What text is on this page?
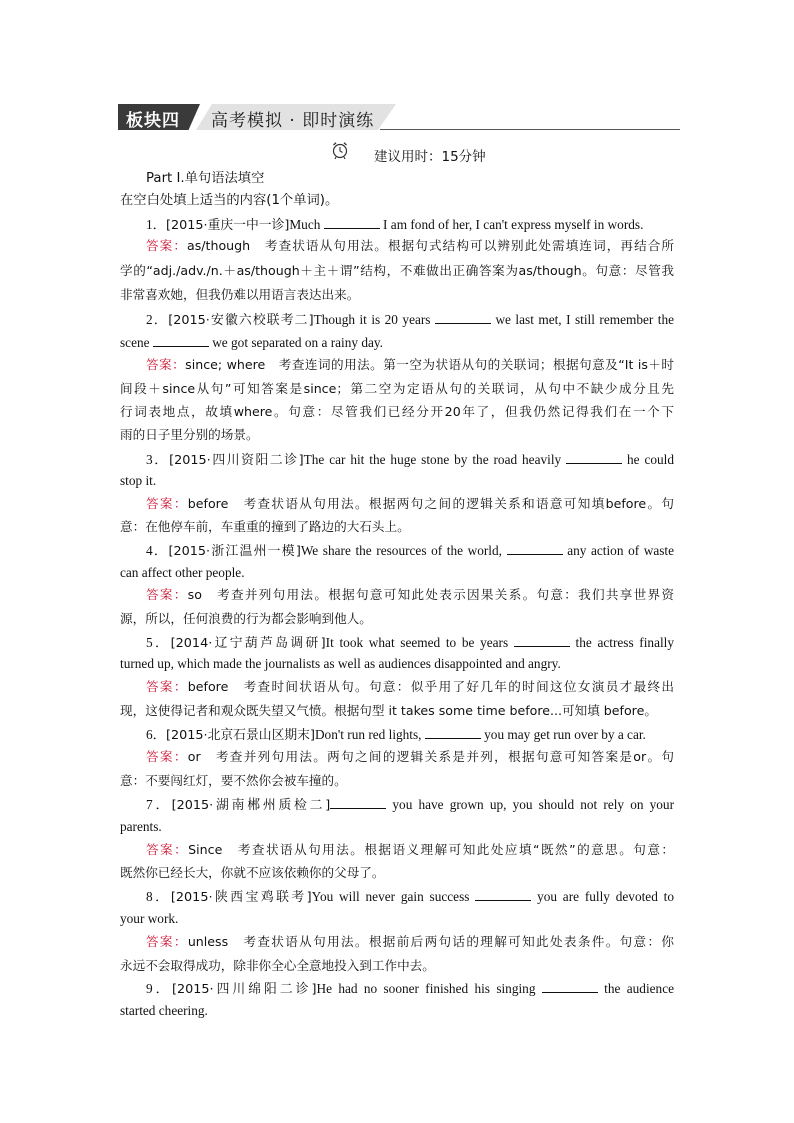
板块四 高考模拟 · 即时演练
建议用时：15分钟
Part Ⅰ.单句语法填空
在空白处填上适当的内容(1个单词)。
1．[2015·重庆一中一诊]Much	I am fond of her, I can't express myself in words.
答案：as/though　 考查状语从句用法。根据句式结构可以辨别此处需填连词，再结合所
学的“adj./adv./n.＋as/though＋主＋谓”结构，不难做出正确答案为as/though。句意：尽管我
非常喜欢她，但我仍难以用语言表达出来。
2．[2015·安徽六校联考二]Though it is 20 years	we last met, I still remember the
scene	we got separated on a rainy day.
答案：since; where　 考查连词的用法。第一空为状语从句的关联词；根据句意及“It is＋时
间段＋since从句”可知答案是since；第二空为定语从句的关联词，从句中不缺少成分且先
行词表地点，故填where。句意：尽管我们已经分开20年了，但我仍然记得我们在一个下
雨的日子里分别的场景。
3．[2015·四川资阳二诊]The car hit the huge stone by the road heavily	he could
stop it.
答案：before　 考查状语从句用法。根据两句之间的逻辑关系和语意可知填before。句
意：在他停车前，车重重的撞到了路边的大石头上。
4．[2015·浙江温州一模]We share the resources of the world,	any action of waste
can affect other people.
答案：so　 考查并列句用法。根据句意可知此处表示因果关系。句意：我们共享世界资
源，所以，任何浪费的行为都会影响到他人。
5．[2014·辽宁葫芦岛调研]It took what seemed to be years	the actress finally
turned up, which made the journalists as well as audiences disappointed and angry.
答案：before　 考查时间状语从句。句意：似乎用了好几年的时间这位女演员才最终出
现，这使得记者和观众既失望又气愤。根据句型 it takes some time before...可知填 before。
6．[2015·北京石景山区期末]Don't run red lights,	you may get run over by a car.
答案：or　 考查并列句用法。两句之间的逻辑关系是并列，根据句意可知答案是or。句
意：不要闯红灯，要不然你会被车撞的。
7．[2015·湖南郴州质检二]	you have grown up, you should not rely on your
parents.
答案：Since　 考查状语从句用法。根据语义理解可知此处应填“既然”的意思。句意：
既然你已经长大，你就不应该依赖你的父母了。
8．[2015·陕西宝鸡联考]You will never gain success	you are fully devoted to
your work.
答案：unless　 考查状语从句用法。根据前后两句话的理解可知此处表条件。句意：你
永远不会取得成功，除非你全心全意地投入到工作中去。
9．[2015·四川绵阳二诊]He had no sooner finished his singing	the audience
started cheering.
